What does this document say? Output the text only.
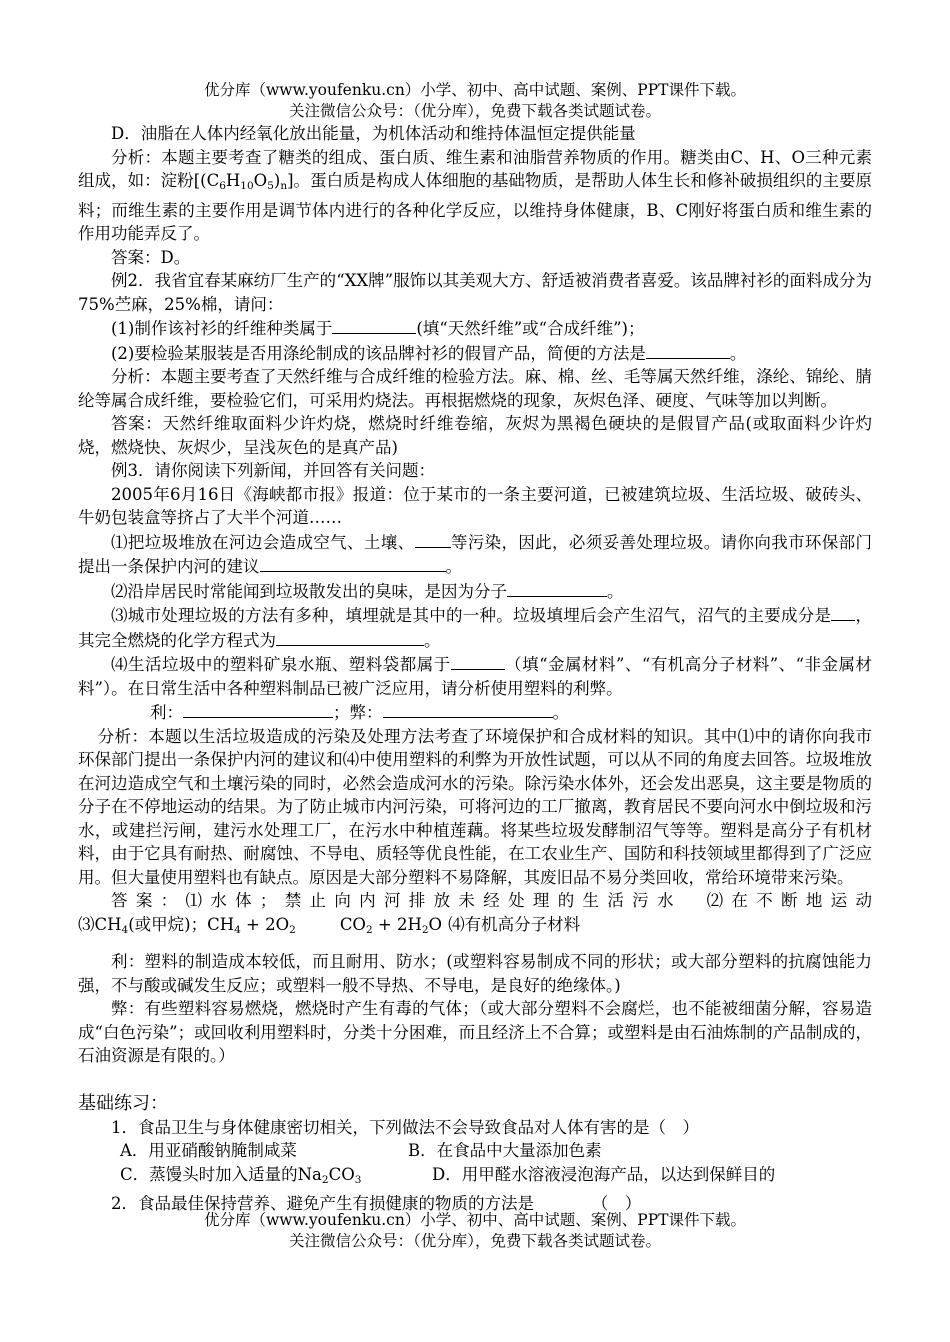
优分库（www.youfenku.cn）小学、初中、高中试题、案例、PPT课件下载。
关注微信公众号：（优分库），免费下载各类试题试卷。

D．油脂在人体内经氧化放出能量，为机体活动和维持体温恒定提供能量

分析：本题主要考查了糖类的组成、蛋白质、维生素和油脂营养物质的作用。糖类由C、H、O三种元素组成，如：淀粉$[(C_6H_{10}O_5)_n]$。蛋白质是构成人体细胞的基础物质，是帮助人体生长和修补破损组织的主要原料；而维生素的主要作用是调节体内进行的各种化学反应，以维持身体健康，B、C刚好将蛋白质和维生素的作用功能弄反了。

答案：D。

例2．我省宜春某麻纺厂生产的“XX牌”服饰以其美观大方、舒适被消费者喜爱。该品牌衬衫的面料成分为75%苎麻，25%棉，请问：

(1)制作该衬衫的纤维种类属于	(填“天然纤维”或“合成纤维”)；

(2)要检验某服装是否用涤纶制成的该品牌衬衫的假冒产品，简便的方法是	。

分析：本题主要考查了天然纤维与合成纤维的检验方法。麻、棉、丝、毛等属天然纤维，涤纶、锦纶、腈纶等属合成纤维，要检验它们，可采用灼烧法。再根据燃烧的现象，灰烬色泽、硬度、气味等加以判断。

答案：天然纤维取面料少许灼烧，燃烧时纤维卷缩，灰烬为黑褐色硬块的是假冒产品(或取面料少许灼烧，燃烧快、灰烬少，呈浅灰色的是真产品)

例3．请你阅读下列新闻，并回答有关问题：

2005年6月16日《海峡都市报》报道：位于某市的一条主要河道，已被建筑垃圾、生活垃圾、破砖头、牛奶包装盒等挤占了大半个河道……

⑴把垃圾堆放在河边会造成空气、土壤、 等污染，因此，必须妥善处理垃圾。请你向我市环保部门提出一条保护内河的建议	。

⑵沿岸居民时常能闻到垃圾散发出的臭味，是因为分子	。

⑶城市处理垃圾的方法有多种，填埋就是其中的一种。垃圾填埋后会产生沼气，沼气的主要成分是 ，其完全燃烧的化学方程式为	。

⑷生活垃圾中的塑料矿泉水瓶、塑料袋都属于	（填“金属材料”、“有机高分子材料”、“非金属材料”）。在日常生活中各种塑料制品已被广泛应用，请分析使用塑料的利弊。

利：	；弊：	。

分析：本题以生活垃圾造成的污染及处理方法考查了环境保护和合成材料的知识。其中⑴中的请你向我市环保部门提出一条保护内河的建议和⑷中使用塑料的利弊为开放性试题，可以从不同的角度去回答。垃圾堆放在河边造成空气和土壤污染的同时，必然会造成河水的污染。除污染水体外，还会发出恶臭，这主要是物质的分子在不停地运动的结果。为了防止城市内河污染，可将河边的工厂撤离，教育居民不要向河水中倒垃圾和污水，或建拦污闸，建污水处理工厂，在污水中种植莲藕。将某些垃圾发酵制沼气等等。塑料是高分子有机材料，由于它具有耐热、耐腐蚀、不导电、质轻等优良性能，在工农业生产、国防和科技领域里都得到了广泛应用。但大量使用塑料也有缺点。原因是大部分塑料不易降解，其废旧品不易分类回收，常给环境带来污染。

答案：⑴水体；禁止向内河排放未经处理的生活污水　⑵在不断地运动

$⑶CH_4$(或甲烷)；$CH_4 + 2O_2$	$CO_2 + 2H_2O$ ⑷有机高分子材料

利：塑料的制造成本较低，而且耐用、防水；(或塑料容易制成不同的形状；或大部分塑料的抗腐蚀能力强，不与酸或碱发生反应；或塑料一般不导热、不导电，是良好的绝缘体。)

弊：有些塑料容易燃烧，燃烧时产生有毒的气体；（或大部分塑料不会腐烂，也不能被细菌分解，容易造成“白色污染”；或回收利用塑料时，分类十分困难，而且经济上不合算；或塑料是由石油炼制的产品制成的，石油资源是有限的。）

基础练习：

1．食品卫生与身体健康密切相关，下列做法不会导致食品对人体有害的是（　）

A．用亚硝酸钠腌制咸菜	B．在食品中大量添加色素

C．蒸馒头时加入适量的$Na_2CO_3$	D．用甲醛水溶液浸泡海产品，以达到保鲜目的

2．食品最佳保持营养、避免产生有损健康的物质的方法是　　　　（　）

优分库（www.youfenku.cn）小学、初中、高中试题、案例、PPT课件下载。
关注微信公众号：（优分库），免费下载各类试题试卷。
